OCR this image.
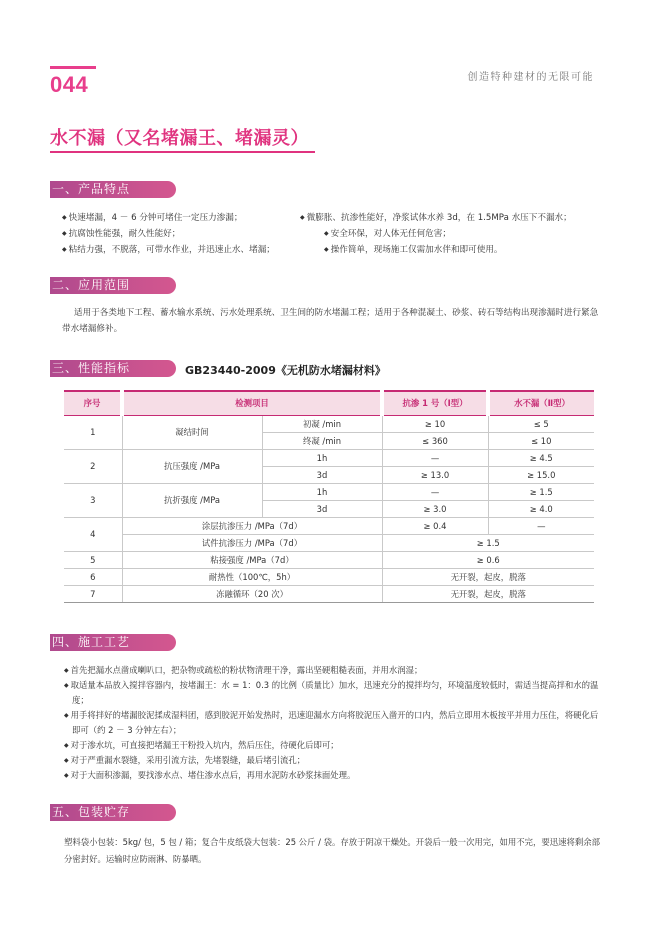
044	创造特种建材的无限可能
水不漏（又名堵漏王、堵漏灵）
一、产品特点
◆ 快速堵漏，4 － 6 分钟可堵住一定压力渗漏；
◆ 抗腐蚀性能强，耐久性能好；
◆ 粘结力强，不脱落，可带水作业，并迅速止水、堵漏；
◆ 微膨胀、抗渗性能好，净浆试体水养 3d，在 1.5MPa 水压下不漏水；
◆ 安全环保，对人体无任何危害；
◆ 操作简单，现场施工仅需加水伴和即可使用。
二、应用范围
适用于各类地下工程、蓄水输水系统、污水处理系统、卫生间的防水堵漏工程；适用于各种混凝土、砂浆、砖石等结构出现渗漏时进行紧急带水堵漏修补。
三、性能指标	GB23440-2009《无机防水堵漏材料》
序号	检测项目		抗渗 1 号（Ⅰ型）	水不漏（Ⅱ型）
1	凝结时间	初凝 /min	≥ 10	≤ 5
		终凝 /min	≤ 360	≤ 10
2	抗压强度 /MPa	1h	—	≥ 4.5
		3d	≥ 13.0	≥ 15.0
3	抗折强度 /MPa	1h	—	≥ 1.5
		3d	≥ 3.0	≥ 4.0
4	涂层抗渗压力 /MPa（7d）		≥ 0.4	—
	试件抗渗压力 /MPa（7d）		≥ 1.5	
5	粘接强度 /MPa（7d）		≥ 0.6	
6	耐热性（100℃，5h）		无开裂，起皮，脱落	
7	冻融循环（20 次）		无开裂，起皮，脱落	
四、施工工艺
◆ 首先把漏水点凿成喇叭口，把杂物或疏松的粉状物清理干净，露出坚硬粗糙表面，并用水润湿；
◆ 取适量本品放入搅拌容器内，按堵漏王：水 = 1：0.3 的比例（质量比）加水，迅速充分的搅拌均匀，环境温度较低时，需适当提高拌和水的温度；
◆ 用手将拌好的堵漏胶泥揉成湿料团，感到胶泥开始发热时，迅速迎漏水方向将胶泥压入凿开的口内，然后立即用木板按平并用力压住，将硬化后即可（约 2 － 3 分钟左右）；
◆ 对于渗水坑，可直接把堵漏王干粉投入坑内，然后压住，待硬化后即可；
◆ 对于严重漏水裂缝，采用引流方法，先堵裂缝，最后堵引流孔；
◆ 对于大面积渗漏，要找渗水点、堵住渗水点后，再用水泥防水砂浆抹面处理。
五、包装贮存
塑料袋小包装：5kg/ 包，5 包 / 箱；复合牛皮纸袋大包装：25 公斤 / 袋。存放于阴凉干燥处。开袋后一般一次用完，如用不完，要迅速将剩余部分密封好。运输时应防雨淋、防暴晒。
